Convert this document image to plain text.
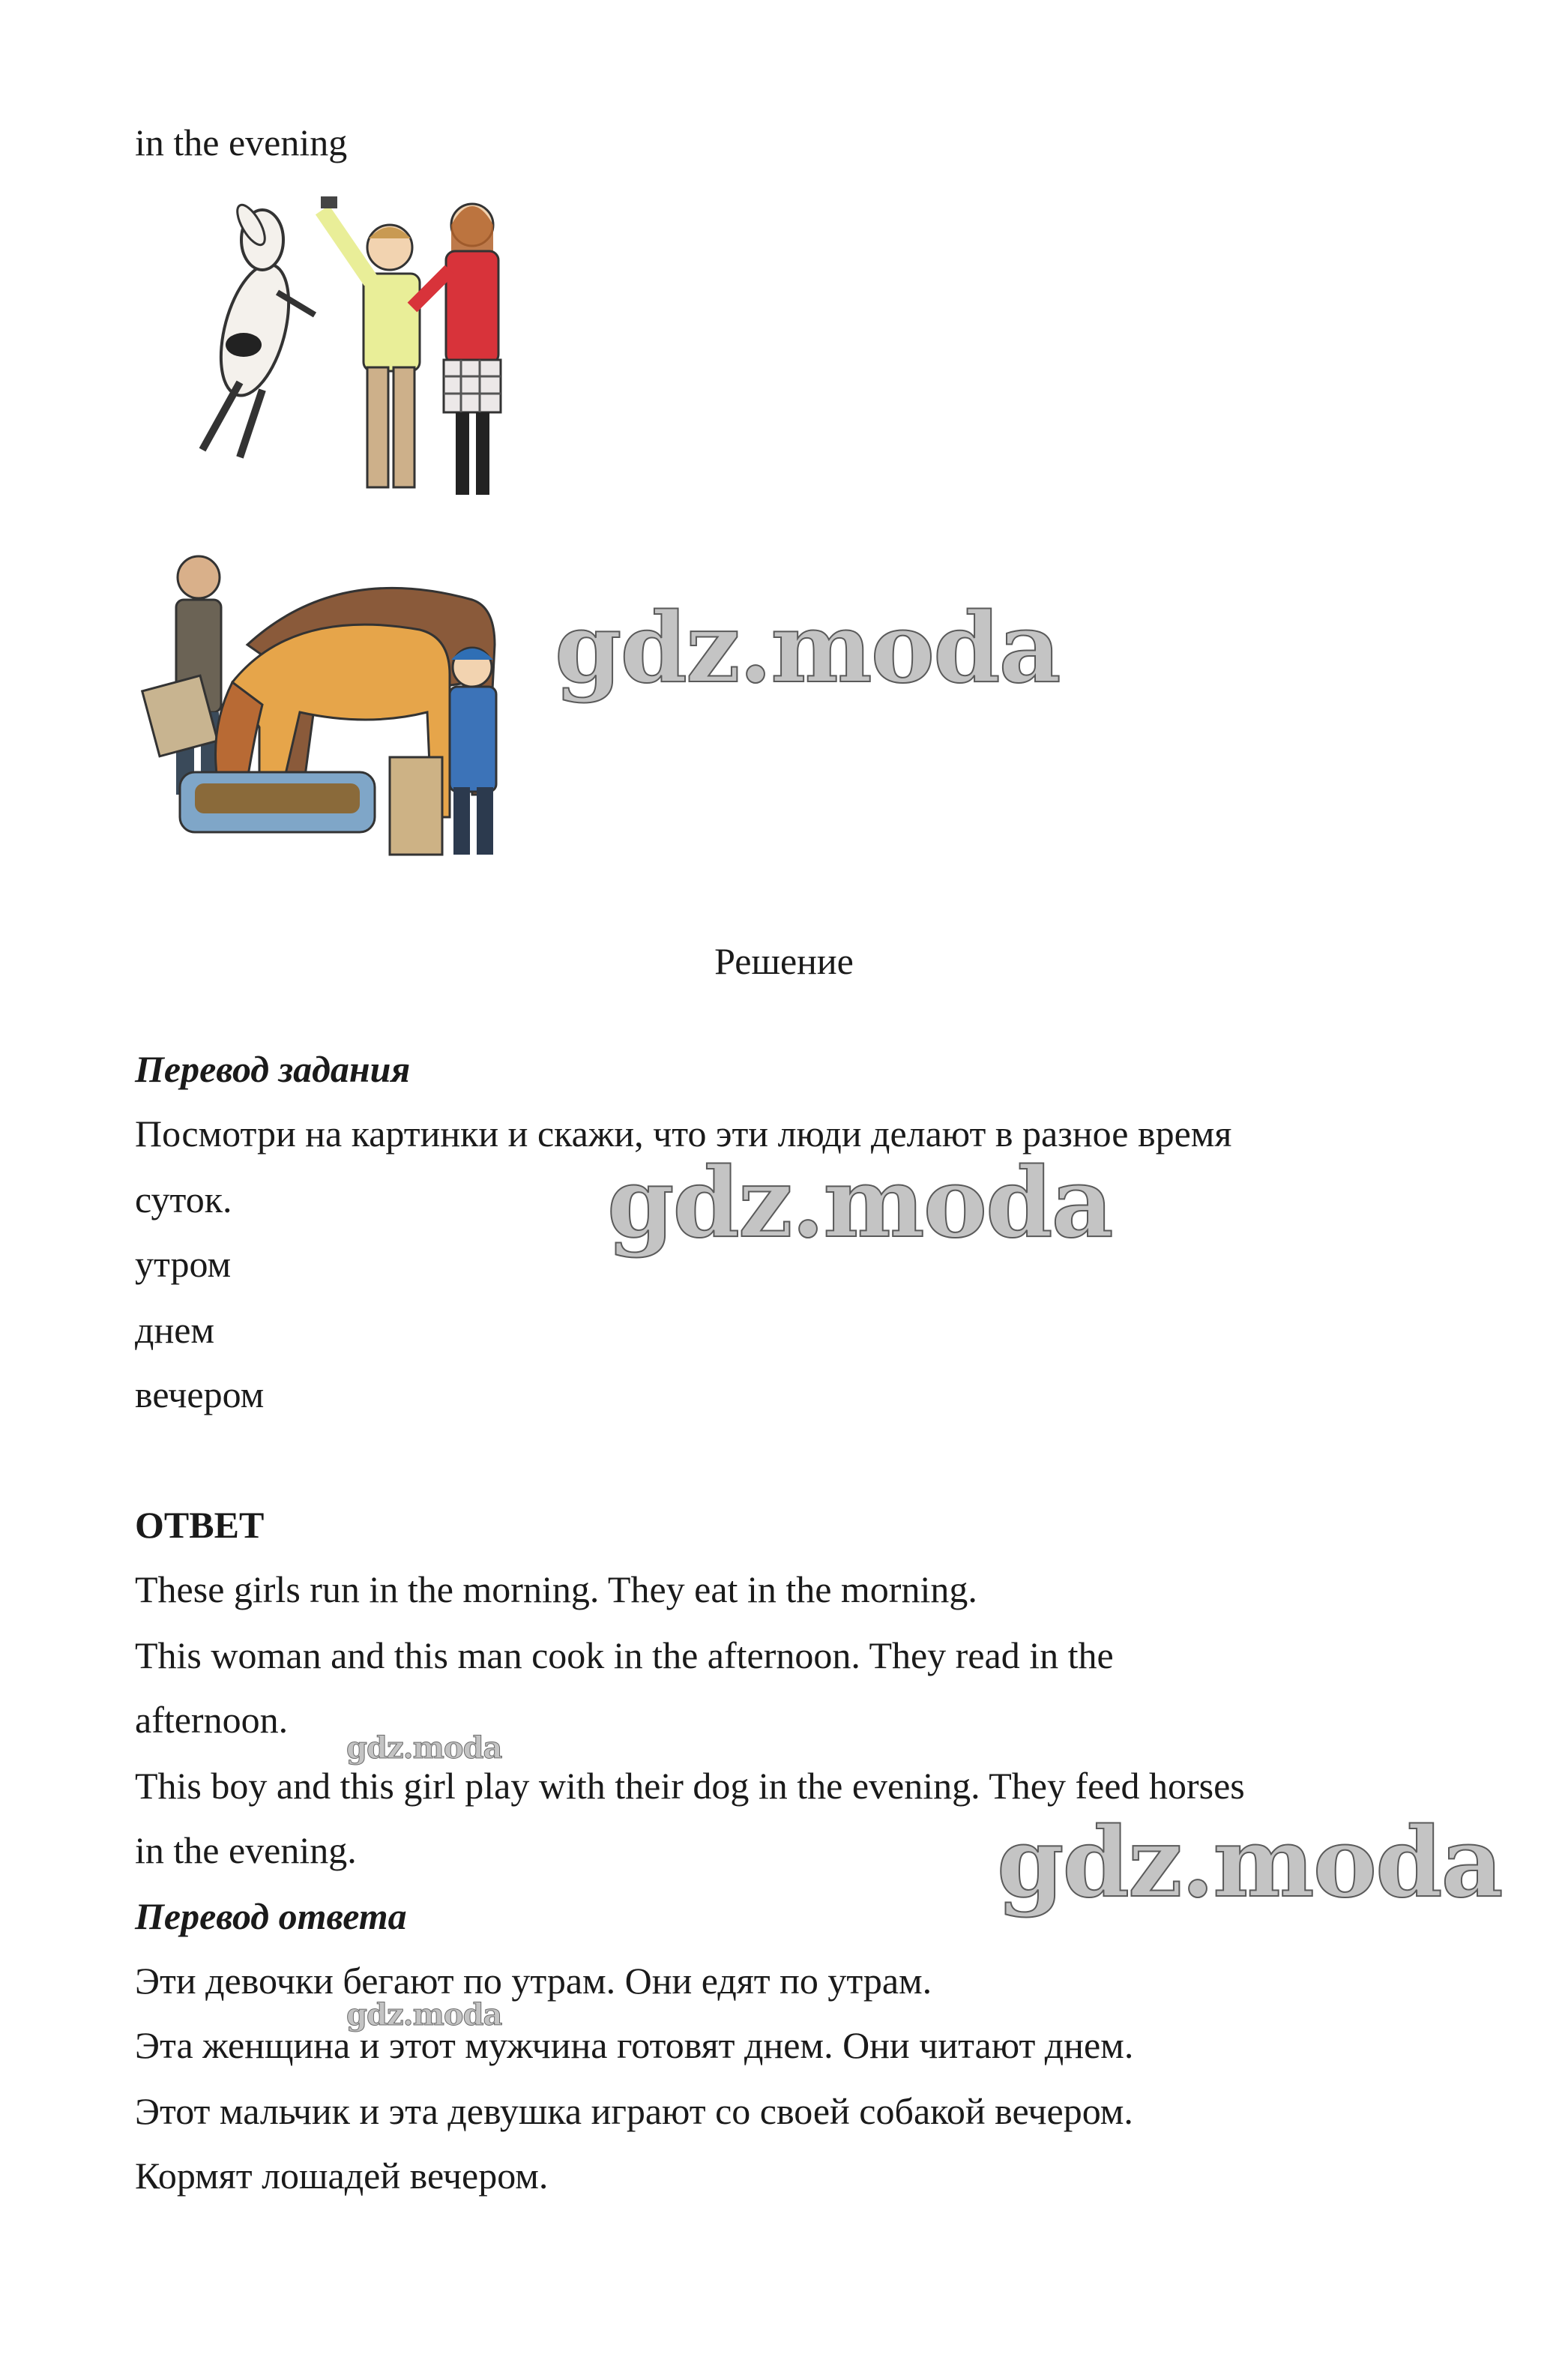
in the evening
Решение
Перевод задания
Посмотри на картинки и скажи, что эти люди делают в разное время
суток.
утром
днем
вечером
ОТВЕТ
These girls run in the morning. They eat in the morning.
This woman and this man cook in the afternoon. They read in the
afternoon.
This boy and this girl play with their dog in the evening. They feed horses
in the evening.
Перевод ответа
Эти девочки бегают по утрам. Они едят по утрам.
Эта женщина и этот мужчина готовят днем. Они читают днем.
Этот мальчик и эта девушка играют со своей собакой вечером.
Кормят лошадей вечером.
gdz.moda
gdz.moda
gdz.moda
gdz.moda
gdz.moda
